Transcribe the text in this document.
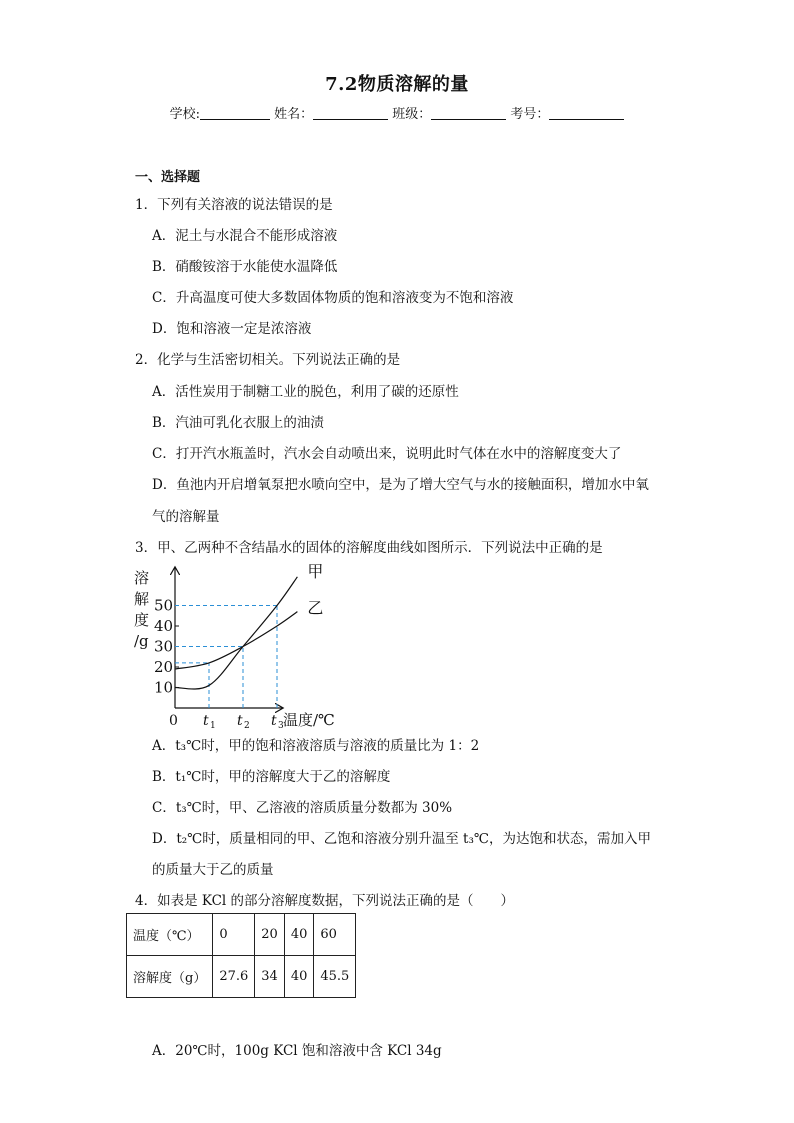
7.2物质溶解的量
学校:	姓名：	班级：	考号：
一、选择题
1．下列有关溶液的说法错误的是
A．泥土与水混合不能形成溶液
B．硝酸铵溶于水能使水温降低
C．升高温度可使大多数固体物质的饱和溶液变为不饱和溶液
D．饱和溶液一定是浓溶液
2．化学与生活密切相关。下列说法正确的是
A．活性炭用于制糖工业的脱色，利用了碳的还原性
B．汽油可乳化衣服上的油渍
C．打开汽水瓶盖时，汽水会自动喷出来，说明此时气体在水中的溶解度变大了
D．鱼池内开启增氧泵把水喷向空中，是为了增大空气与水的接触面积，增加水中氧
气的溶解量
3．甲、乙两种不含结晶水的固体的溶解度曲线如图所示．下列说法中正确的是
溶
解
度
/g
10
20
30
40
50
0 t 1 t 2 t 3 温度/℃
甲
乙
A．t₃℃时，甲的饱和溶液溶质与溶液的质量比为 1：2
B．t₁℃时，甲的溶解度大于乙的溶解度
C．t₃℃时，甲、乙溶液的溶质质量分数都为 30%
D．t₂℃时，质量相同的甲、乙饱和溶液分别升温至 t₃℃，为达饱和状态，需加入甲
的质量大于乙的质量
4．如表是 KCl 的部分溶解度数据，下列说法正确的是（　　）
温度（℃）	0	20	40	60
溶解度（g）	27.6	34	40	45.5
A．20℃时，100g KCl 饱和溶液中含 KCl 34g
